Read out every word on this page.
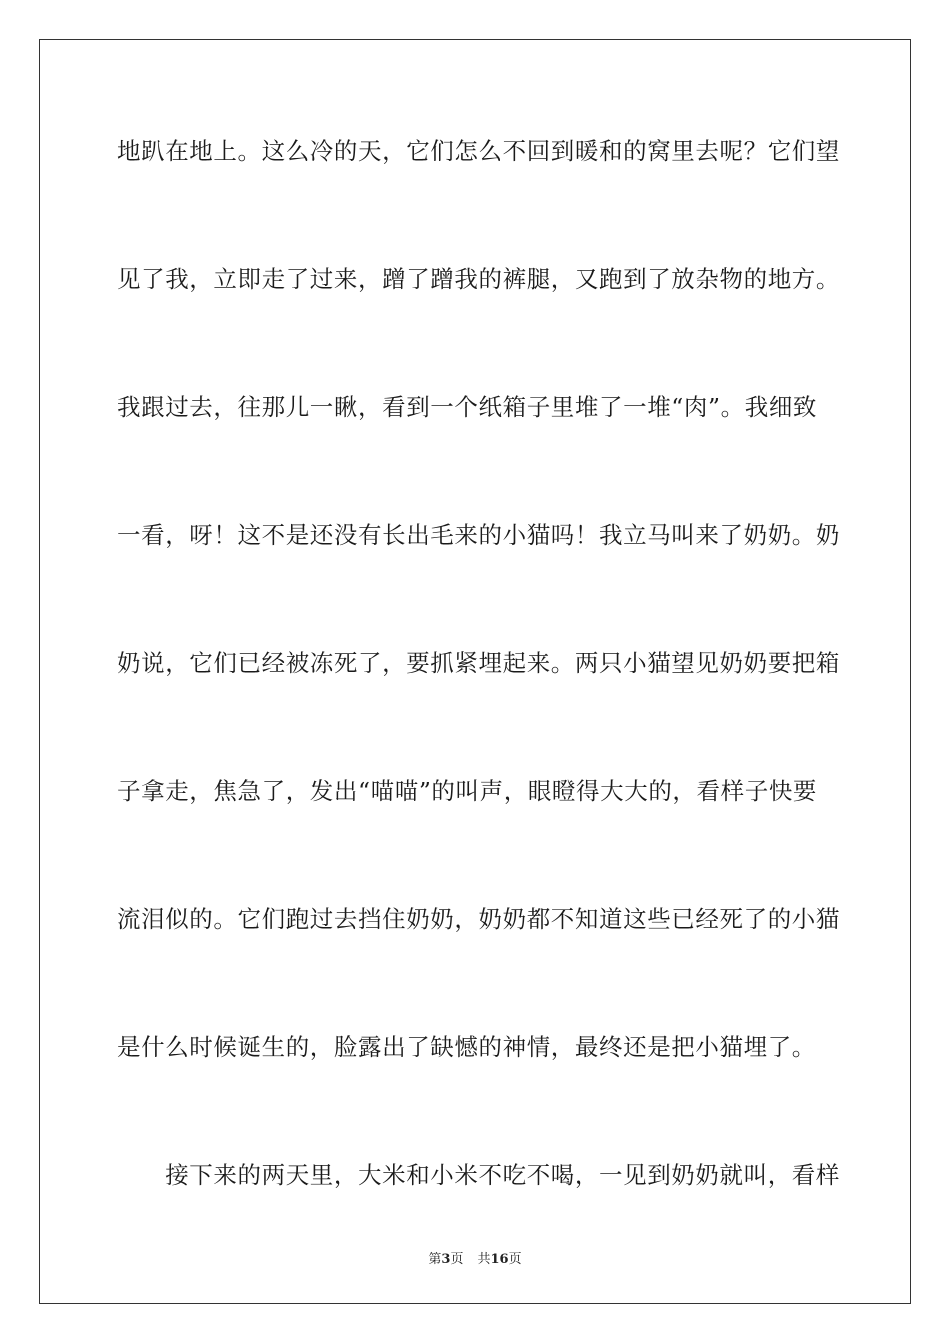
地趴在地上。这么冷的天，它们怎么不回到暖和的窝里去呢？它们望
见了我，立即走了过来，蹭了蹭我的裤腿，又跑到了放杂物的地方。
我跟过去，往那儿一瞅，看到一个纸箱子里堆了一堆“肉”。我细致
一看，呀！这不是还没有长出毛来的小猫吗！我立马叫来了奶奶。奶
奶说，它们已经被冻死了，要抓紧埋起来。两只小猫望见奶奶要把箱
子拿走，焦急了，发出“喵喵”的叫声，眼瞪得大大的，看样子快要
流泪似的。它们跑过去挡住奶奶，奶奶都不知道这些已经死了的小猫
是什么时候诞生的，脸露出了缺憾的神情，最终还是把小猫埋了。
　　接下来的两天里，大米和小米不吃不喝，一见到奶奶就叫，看样
第3页 共16页
